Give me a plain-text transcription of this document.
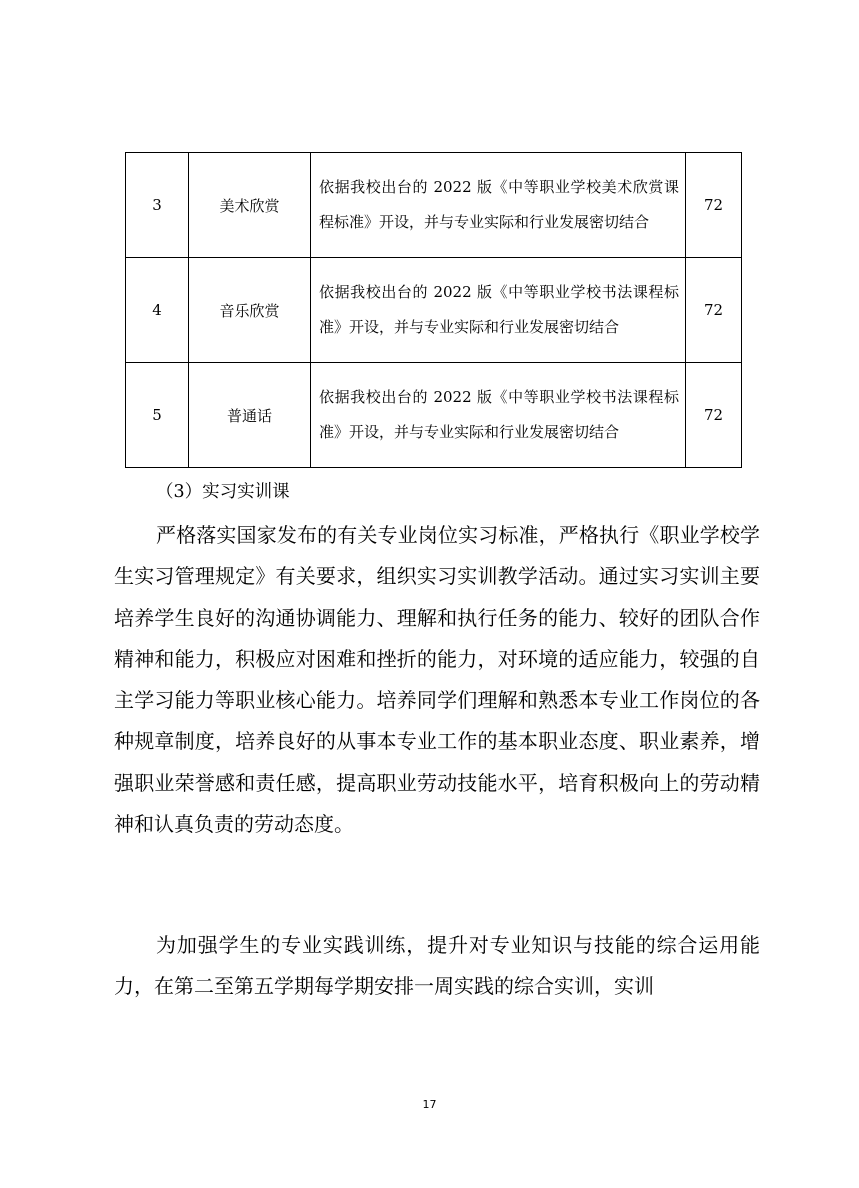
3	美术欣赏	依据我校出台的 2022 版《中等职业学校美术欣赏课程标准》开设，并与专业实际和行业发展密切结合	72
4	音乐欣赏	依据我校出台的 2022 版《中等职业学校书法课程标准》开设，并与专业实际和行业发展密切结合	72
5	普通话	依据我校出台的 2022 版《中等职业学校书法课程标准》开设，并与专业实际和行业发展密切结合	72
（3）实习实训课

严格落实国家发布的有关专业岗位实习标准，严格执行《职业学校学生实习管理规定》有关要求，组织实习实训教学活动。通过实习实训主要培养学生良好的沟通协调能力、理解和执行任务的能力、较好的团队合作精神和能力，积极应对困难和挫折的能力，对环境的适应能力，较强的自主学习能力等职业核心能力。培养同学们理解和熟悉本专业工作岗位的各种规章制度，培养良好的从事本专业工作的基本职业态度、职业素养，增强职业荣誉感和责任感，提高职业劳动技能水平，培育积极向上的劳动精神和认真负责的劳动态度。

为加强学生的专业实践训练，提升对专业知识与技能的综合运用能力，在第二至第五学期每学期安排一周实践的综合实训，实训

17
